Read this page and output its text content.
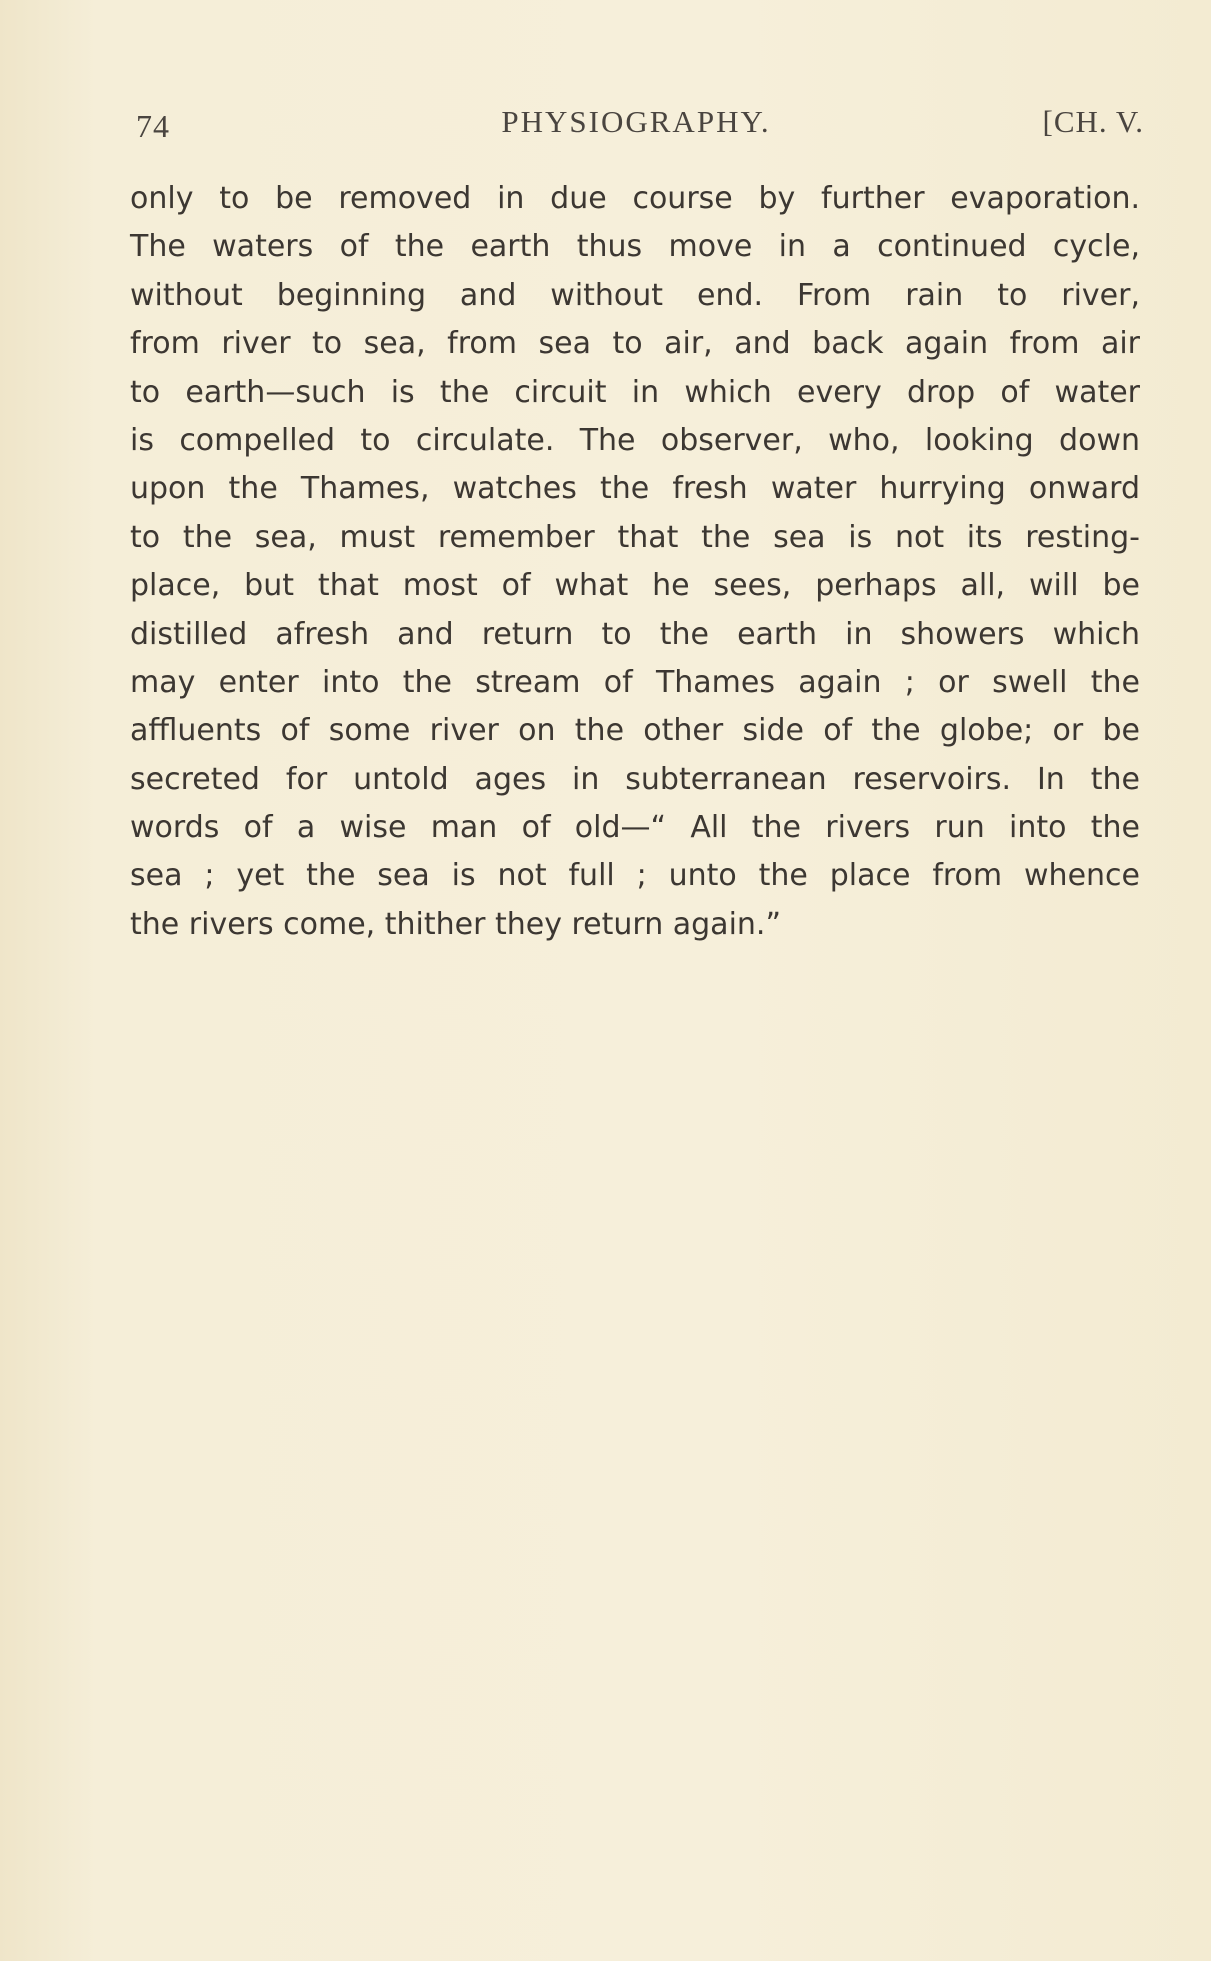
74	PHYSIOGRAPHY.	[CH. V.
only to be removed in due course by further evaporation.
The waters of the earth thus move in a continued cycle,
without beginning and without end. From rain to river,
from river to sea, from sea to air, and back again from air
to earth—such is the circuit in which every drop of water
is compelled to circulate. The observer, who, looking down
upon the Thames, watches the fresh water hurrying onward
to the sea, must remember that the sea is not its resting-
place, but that most of what he sees, perhaps all, will be
distilled afresh and return to the earth in showers which
may enter into the stream of Thames again ; or swell the
affluents of some river on the other side of the globe; or be
secreted for untold ages in subterranean reservoirs. In the
words of a wise man of old—“ All the rivers run into the
sea ; yet the sea is not full ; unto the place from whence
the rivers come, thither they return again.”
